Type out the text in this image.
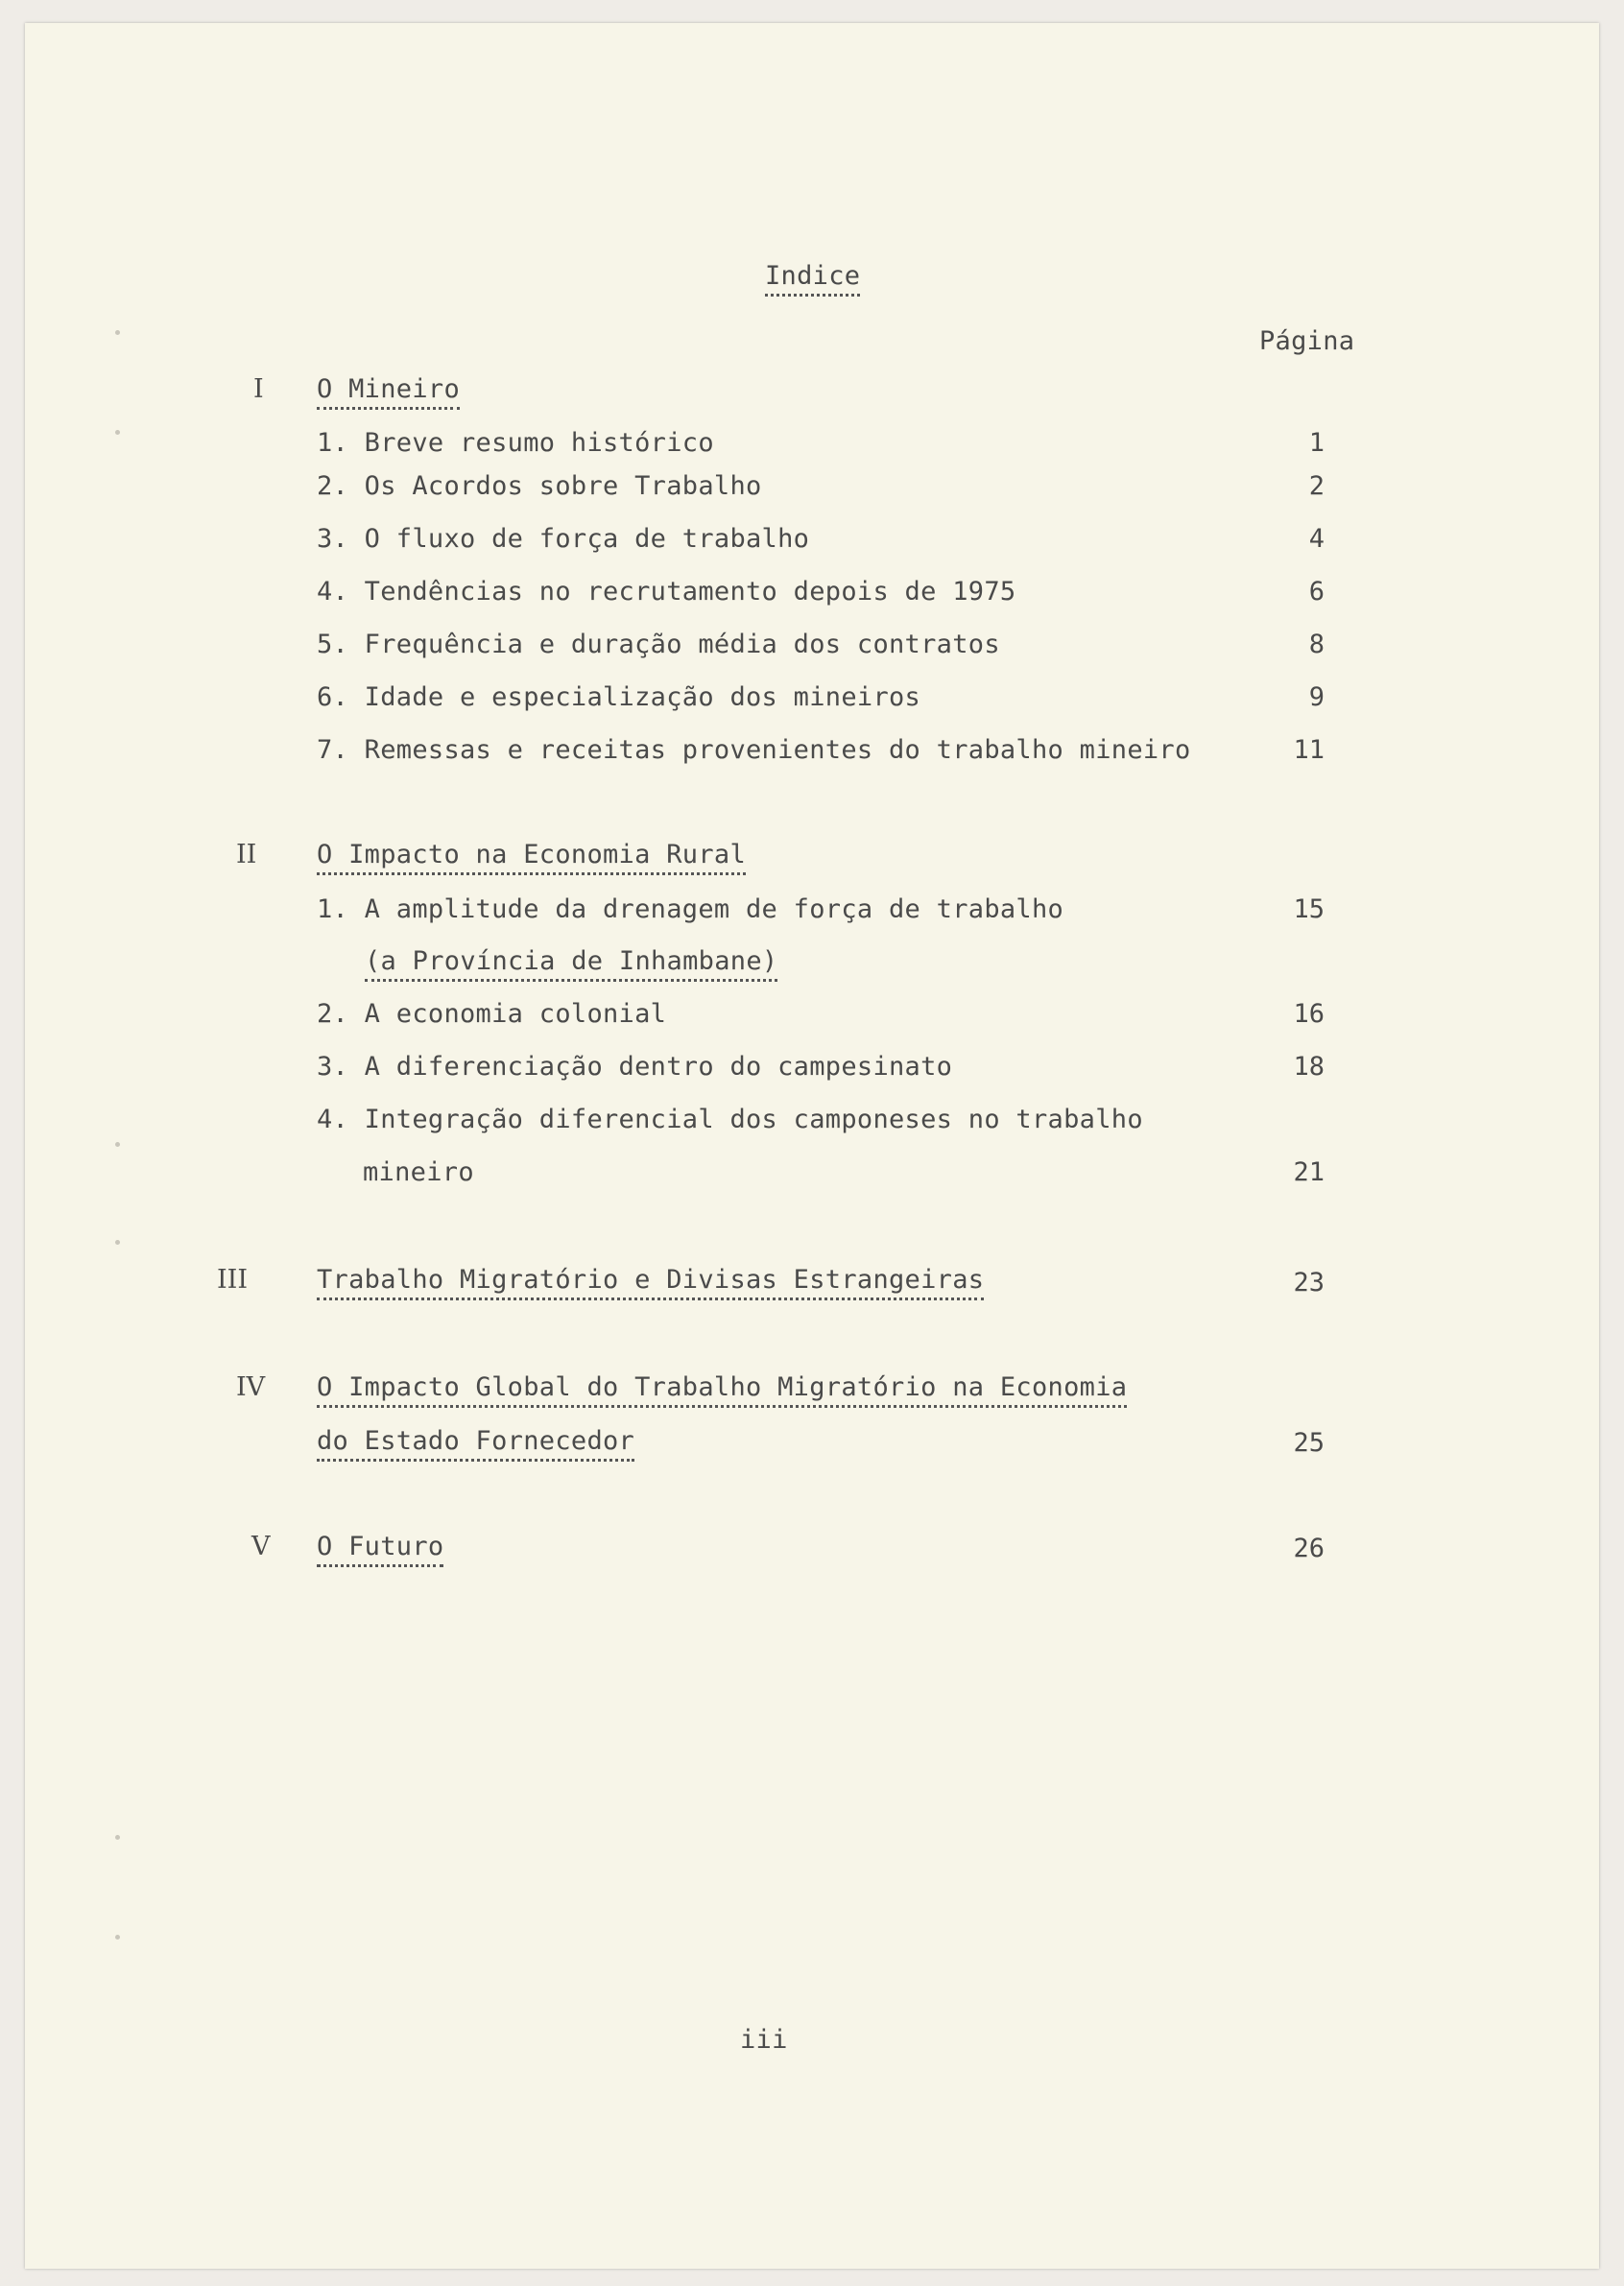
Indice
Página
I O Mineiro
1. Breve resumo histórico	1
2. Os Acordos sobre Trabalho	2
3. O fluxo de força de trabalho	4
4. Tendências no recrutamento depois de 1975	6
5. Frequência e duração média dos contratos	8
6. Idade e especialização dos mineiros	9
7. Remessas e receitas provenientes do trabalho mineiro	11
II O Impacto na Economia Rural
1. A amplitude da drenagem de força de trabalho	15
(a Província de Inhambane)
2. A economia colonial	16
3. A diferenciação dentro do campesinato	18
4. Integração diferencial dos camponeses no trabalho
mineiro	21
III	Trabalho Migratório e Divisas Estrangeiras	23
IV O Impacto Global do Trabalho Migratório na Economia
do Estado Fornecedor	25
V O Futuro	26
iii
